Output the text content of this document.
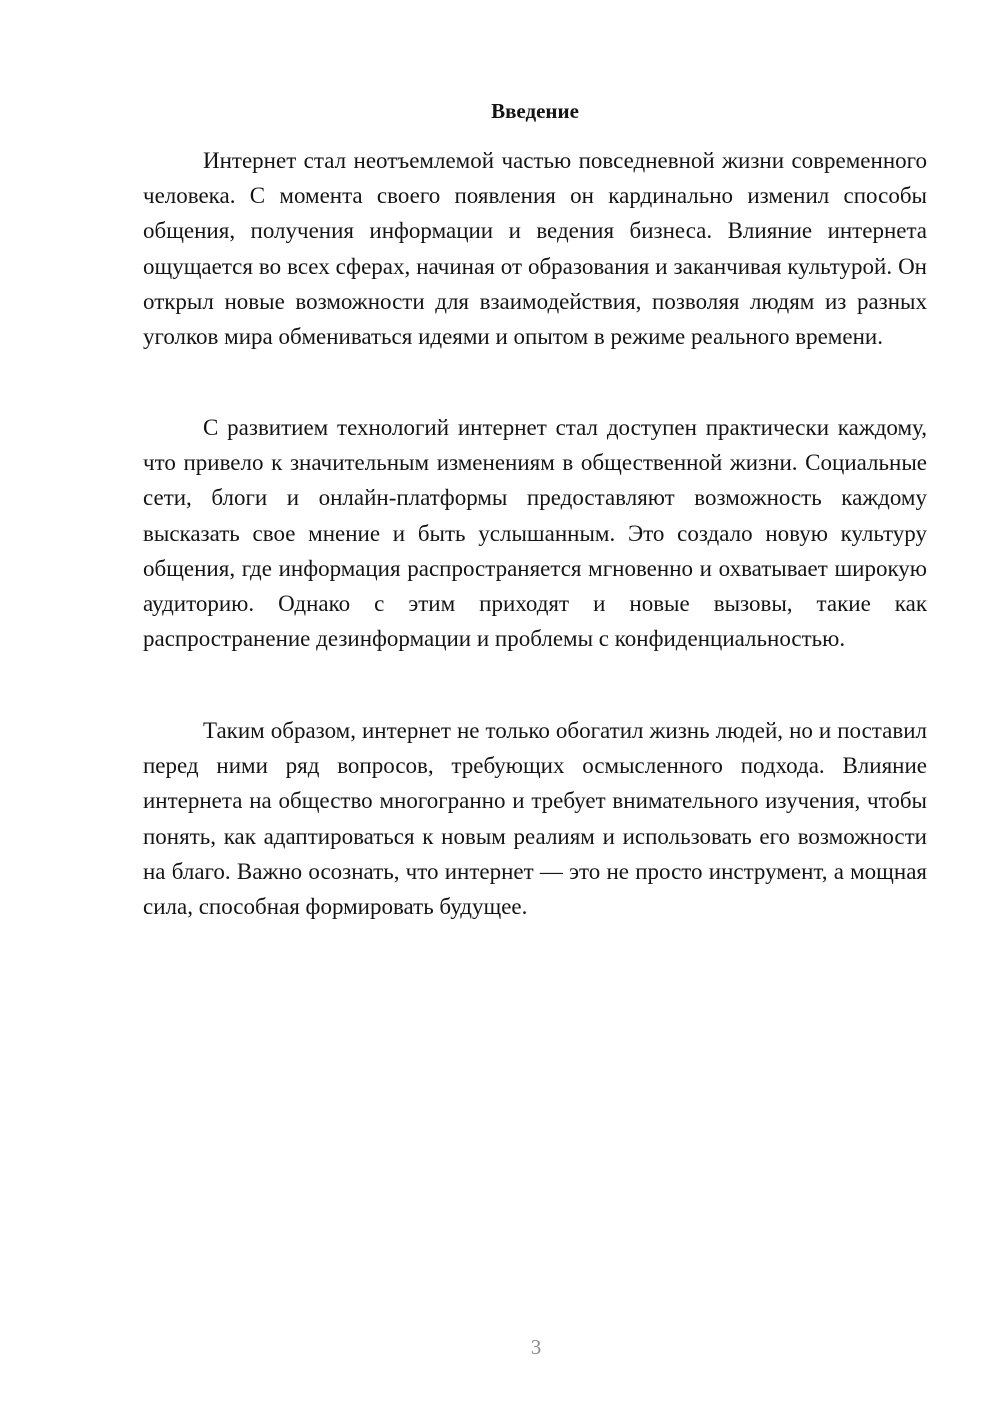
Введение

Интернет стал неотъемлемой частью повседневной жизни современного человека. С момента своего появления он кардинально изменил способы общения, получения информации и ведения бизнеса. Влияние интернета ощущается во всех сферах, начиная от образования и заканчивая культурой. Он открыл новые возможности для взаимодействия, позволяя людям из разных уголков мира обмениваться идеями и опытом в режиме реального времени.

С развитием технологий интернет стал доступен практически каждому, что привело к значительным изменениям в общественной жизни. Социальные сети, блоги и онлайн-платформы предоставляют возможность каждому высказать свое мнение и быть услышанным. Это создало новую культуру общения, где информация распространяется мгновенно и охватывает широкую аудиторию. Однако с этим приходят и новые вызовы, такие как распространение дезинформации и проблемы с конфиденциальностью.

Таким образом, интернет не только обогатил жизнь людей, но и поставил перед ними ряд вопросов, требующих осмысленного подхода. Влияние интернета на общество многогранно и требует внимательного изучения, чтобы понять, как адаптироваться к новым реалиям и использовать его возможности на благо. Важно осознать, что интернет — это не просто инструмент, а мощная сила, способная формировать будущее.

3
